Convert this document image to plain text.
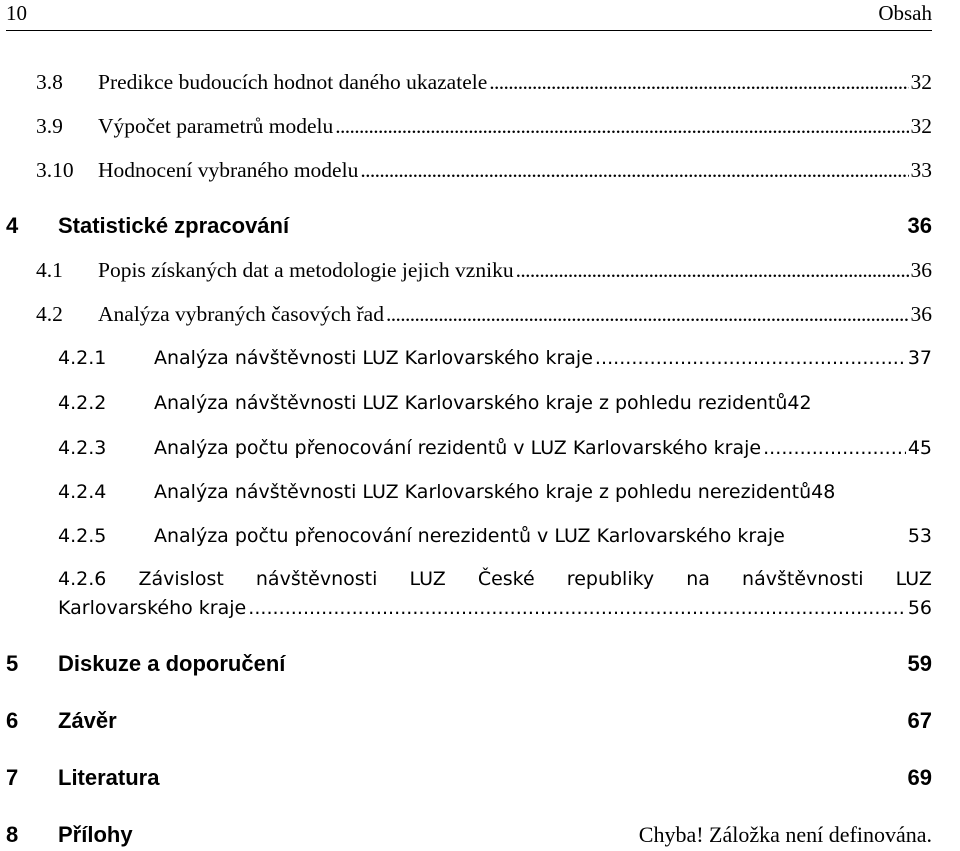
10	Obsah
3.8	Predikce budoucích hodnot daného ukazatele . . .	32
3.9	Výpočet parametrů modelu . . .	32
3.10	Hodnocení vybraného modelu . . .	33
4	Statistické zpracování	36
4.1	Popis získaných dat a metodologie jejich vzniku . . .	36
4.2	Analýza vybraných časových řad . . .	36
4.2.1	Analýza návštěvnosti LUZ Karlovarského kraje . . .	37
4.2.2	Analýza návštěvnosti LUZ Karlovarského kraje z pohledu rezidentů 42
4.2.3	Analýza počtu přenocování rezidentů v LUZ Karlovarského kraje . . .	45
4.2.4	Analýza návštěvnosti LUZ Karlovarského kraje z pohledu nerezidentů 48
4.2.5	Analýza počtu přenocování nerezidentů v LUZ Karlovarského kraje	53
4.2.6 Závislost návštěvnosti LUZ České republiky na návštěvnosti LUZ
Karlovarského kraje . . .	56
5	Diskuze a doporučení	59
6	Závěr	67
7	Literatura	69
8	Přílohy	Chyba! Záložka není definována.
